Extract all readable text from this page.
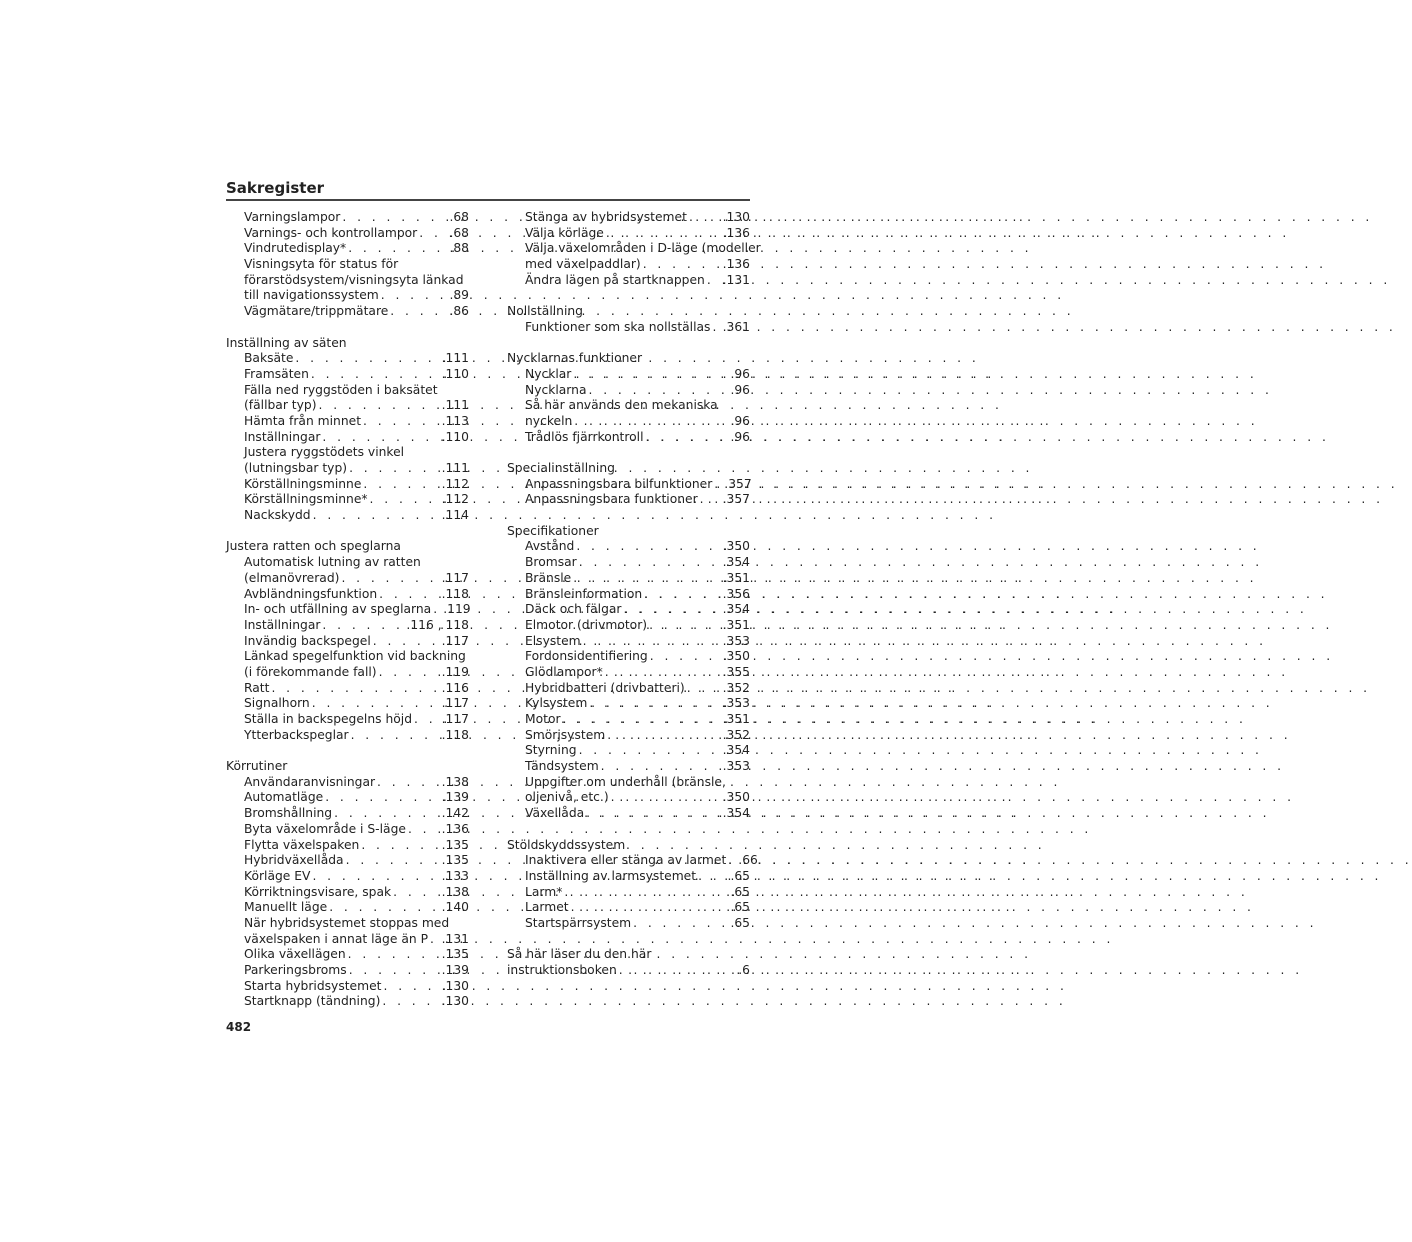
Sakregister
Varningslampor . . .	.68
Varnings- och kontrollampor . . .	.68
Vindrutedisplay* . . .	.88
Visningsyta för status för
förarstödsystem/visningsyta länkad
till navigationssystem . . .	.89
Vägmätare/trippmätare . . .	.86
Inställning av säten
Baksäte . . .	.111
Framsäten . . .	.110
Fälla ned ryggstöden i baksätet
(fällbar typ) . . .	.111
Hämta från minnet . . .	.113
Inställningar . . .	.110
Justera ryggstödets vinkel
(lutningsbar typ) . . .	.111
Körställningsminne . . .	.112
Körställningsminne* . . .	.112
Nackskydd . . .	.114
Justera ratten och speglarna
Automatisk lutning av ratten
(elmanövrerad) . . .	.117
Avbländningsfunktion . . .	.118
In- och utfällning av speglarna . . . .119
Inställningar . . .	.116 , 118
Invändig backspegel . . .	.117
Länkad spegelfunktion vid backning
(i förekommande fall) . . .	.119
Ratt . . .	.116
Signalhorn . . .	.117
Ställa in backspegelns höjd . . . .117
Ytterbackspeglar . . .	.118
Körrutiner
Användaranvisningar . . .	.138
Automatläge . . .	.139
Bromshållning . . .	.142
Byta växelområde i S-läge . . .	.136
Flytta växelspaken . . .	.135
Hybridväxellåda . . .	.135
Körläge EV . . .	.133
Körriktningsvisare, spak . . .	.138
Manuellt läge . . .	.140
När hybridsystemet stoppas med
växelspaken i annat läge än P . . . .131
Olika växellägen . . .	.135
Parkeringsbroms . . .	.139
Starta hybridsystemet . . .	.130
Startknapp (tändning) . . .	.130
Stänga av hybridsystemet . . .	.130
Välja körläge . . .	.136
Välja växelområden i D-läge (modeller
med växelpaddlar) . . .	.136
Ändra lägen på startknappen . . . .131
Nollställning
Funktioner som ska nollställas . . . .361
Nycklarnas funktioner
Nycklar . . .	.96
Nycklarna . . .	.96
Så här används den mekaniska
nyckeln . . .	.96
Trådlös fjärrkontroll . . .	.96
Specialinställning
Anpassningsbara bilfunktioner . . . .357
Anpassningsbara funktioner . . . .357
Specifikationer
Avstånd . . .	.350
Bromsar . . .	.354
Bränsle . . .	.351
Bränsleinformation . . .	.356
Däck och fälgar . . .	.354
Elmotor (drivmotor) . . .	.351
Elsystem . . .	.353
Fordonsidentifiering . . .	.350
Glödlampor* . . .	.355
Hybridbatteri (drivbatteri) . . .	.352
Kylsystem . . .	.353
Motor . . .	.351
Smörjsystem . . .	.352
Styrning . . .	.354
Tändsystem . . .	.353
Uppgifter om underhåll (bränsle,
oljenivå, etc.) . . .	.350
Växellåda . . .	.354
Stöldskyddssystem
Inaktivera eller stänga av larmet . . . .66
Inställning av larmsystemet . . .	.65
Larm* . . .	.65
Larmet . . .	.65
Startspärrsystem . . .	.65
Så här läser du den här
instruktionsboken . . .	.6
482
